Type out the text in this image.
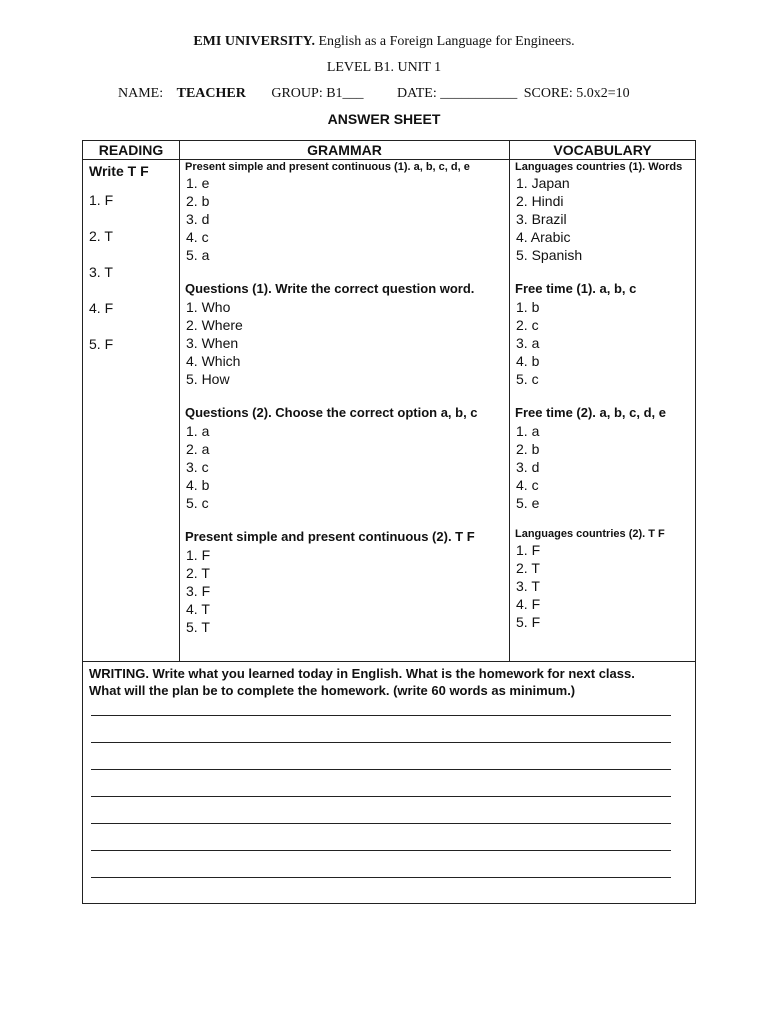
EMI UNIVERSITY. English as a Foreign Language for Engineers.
LEVEL B1. UNIT 1
NAME: TEACHER GROUP: B1___ DATE: ___________ SCORE: 5.0x2=10
ANSWER SHEET
READING
Write T F
1. F
2. T
3. T
4. F
5. F
GRAMMAR
Present simple and present continuous (1). a, b, c, d, e
1. e
2. b
3. d
4. c
5. a
Questions (1). Write the correct question word.
1. Who
2. Where
3. When
4. Which
5. How
Questions (2). Choose the correct option a, b, c
1. a
2. a
3. c
4. b
5. c
Present simple and present continuous (2). T F
1. F
2. T
3. F
4. T
5. T
VOCABULARY
Languages countries (1). Words
1. Japan
2. Hindi
3. Brazil
4. Arabic
5. Spanish
Free time (1). a, b, c
1. b
2. c
3. a
4. b
5. c
Free time (2). a, b, c, d, e
1. a
2. b
3. d
4. c
5. e
Languages countries (2). T F
1. F
2. T
3. T
4. F
5. F
WRITING. Write what you learned today in English. What is the homework for next class.
What will the plan be to complete the homework. (write 60 words as minimum.)
